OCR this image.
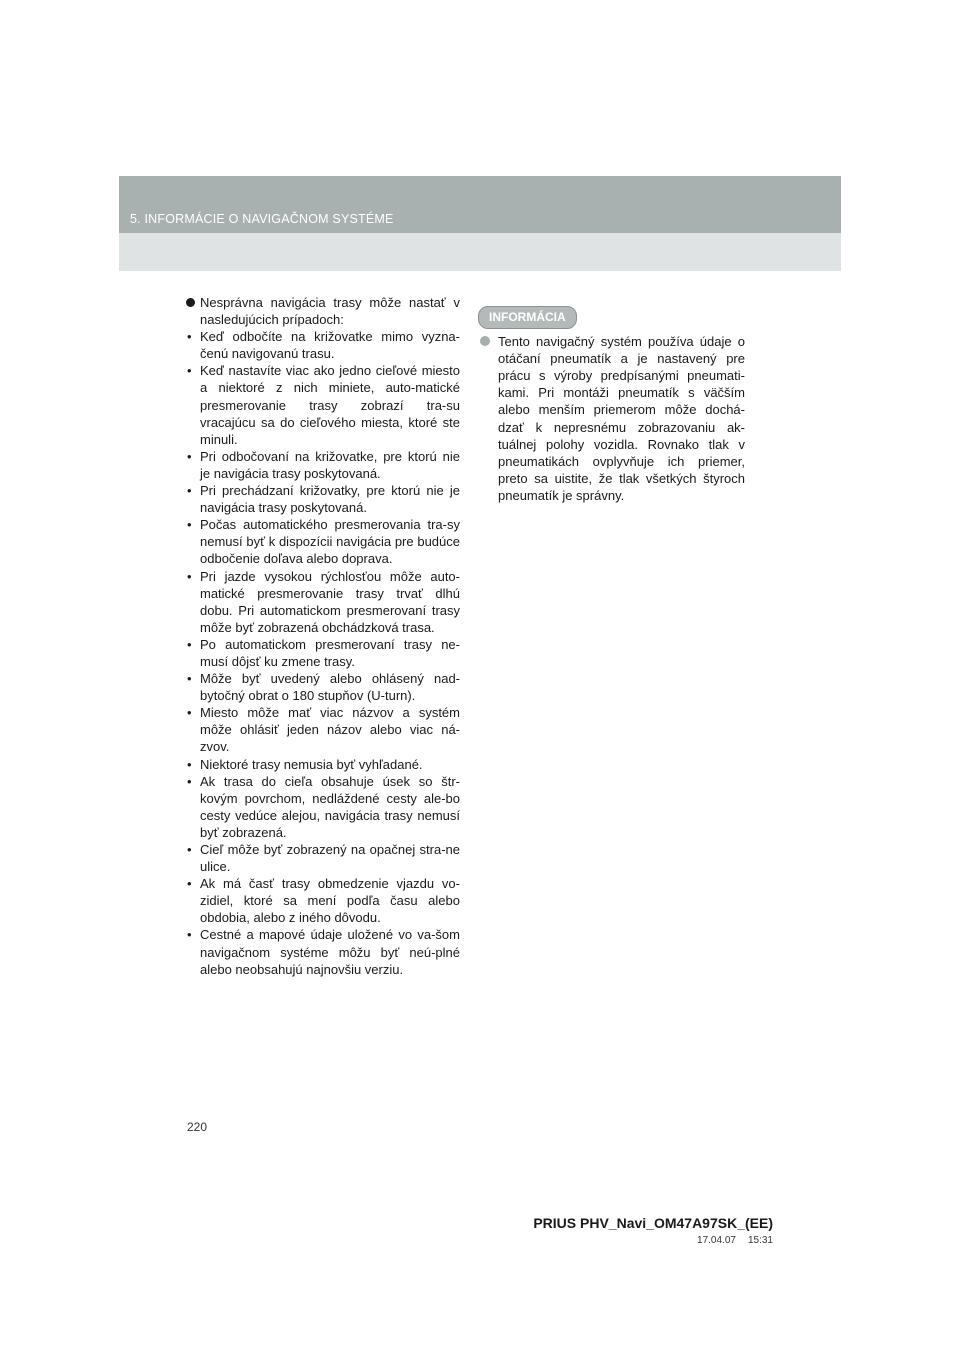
5. INFORMÁCIE O NAVIGAČNOM SYSTÉME
Nesprávna navigácia trasy môže nastať v nasledujúcich prípadoch:
• Keď odbočíte na križovatke mimo vyzna-čenú navigovanú trasu.
• Keď nastavíte viac ako jedno cieľové miesto a niektoré z nich miniete, auto-matické presmerovanie trasy zobrazí tra-su vracajúcu sa do cieľového miesta, ktoré ste minuli.
• Pri odbočovaní na križovatke, pre ktorú nie je navigácia trasy poskytovaná.
• Pri prechádzaní križovatky, pre ktorú nie je navigácia trasy poskytovaná.
• Počas automatického presmerovania tra-sy nemusí byť k dispozícii navigácia pre budúce odbočenie doľava alebo doprava.
• Pri jazde vysokou rýchlosťou môže auto-matické presmerovanie trasy trvať dlhú dobu. Pri automatickom presmerovaní trasy môže byť zobrazená obchádzková trasa.
• Po automatickom presmerovaní trasy ne-musí dôjsť ku zmene trasy.
• Môže byť uvedený alebo ohlásený nad-bytočný obrat o 180 stupňov (U-turn).
• Miesto môže mať viac názvov a systém môže ohlásiť jeden názov alebo viac ná-zvov.
• Niektoré trasy nemusia byť vyhľadané.
• Ak trasa do cieľa obsahuje úsek so štr-kovým povrchom, nedláždené cesty ale-bo cesty vedúce alejou, navigácia trasy nemusí byť zobrazená.
• Cieľ môže byť zobrazený na opačnej stra-ne ulice.
• Ak má časť trasy obmedzenie vjazdu vo-zidiel, ktoré sa mení podľa času alebo obdobia, alebo z iného dôvodu.
• Cestné a mapové údaje uložené vo va-šom navigačnom systéme môžu byť neú-plné alebo neobsahujú najnovšiu verziu.
INFORMÁCIA
Tento navigačný systém používa údaje o otáčaní pneumatík a je nastavený pre prácu s výroby predpísanými pneumati-kami. Pri montáži pneumatík s väčším alebo menším priemerom môže dochá-dzať k nepresnému zobrazovaniu ak-tuálnej polohy vozidla. Rovnako tlak v pneumatikách ovplyvňuje ich priemer, preto sa uistite, že tlak všetkých štyroch pneumatík je správny.
220
PRIUS PHV_Navi_OM47A97SK_(EE)
17.04.07 15:31
